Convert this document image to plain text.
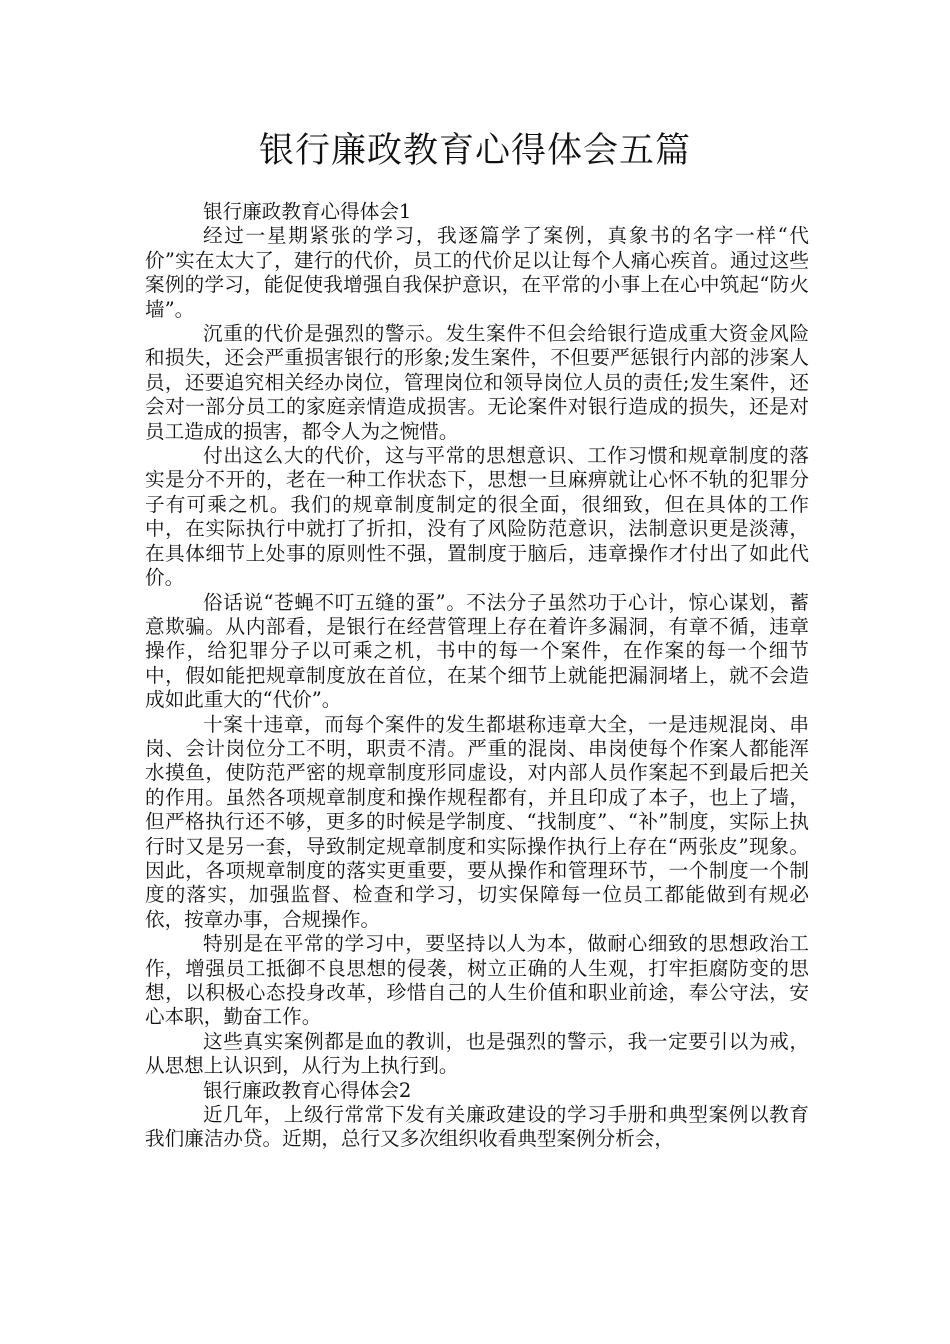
银行廉政教育心得体会五篇

银行廉政教育心得体会1

经过一星期紧张的学习，我逐篇学了案例，真象书的名字一样“代价”实在太大了，建行的代价，员工的代价足以让每个人痛心疾首。通过这些案例的学习，能促使我增强自我保护意识，在平常的小事上在心中筑起“防火墙”。

沉重的代价是强烈的警示。发生案件不但会给银行造成重大资金风险和损失，还会严重损害银行的形象;发生案件，不但要严惩银行内部的涉案人员，还要追究相关经办岗位，管理岗位和领导岗位人员的责任;发生案件，还会对一部分员工的家庭亲情造成损害。无论案件对银行造成的损失，还是对员工造成的损害，都令人为之惋惜。

付出这么大的代价，这与平常的思想意识、工作习惯和规章制度的落实是分不开的，老在一种工作状态下，思想一旦麻痹就让心怀不轨的犯罪分子有可乘之机。我们的规章制度制定的很全面，很细致，但在具体的工作中，在实际执行中就打了折扣，没有了风险防范意识，法制意识更是淡薄，在具体细节上处事的原则性不强，置制度于脑后，违章操作才付出了如此代价。

俗话说“苍蝇不叮五缝的蛋”。不法分子虽然功于心计，惊心谋划，蓄意欺骗。从内部看，是银行在经营管理上存在着许多漏洞，有章不循，违章操作，给犯罪分子以可乘之机，书中的每一个案件，在作案的每一个细节中，假如能把规章制度放在首位，在某个细节上就能把漏洞堵上，就不会造成如此重大的“代价”。

十案十违章，而每个案件的发生都堪称违章大全，一是违规混岗、串岗、会计岗位分工不明，职责不清。严重的混岗、串岗使每个作案人都能浑水摸鱼，使防范严密的规章制度形同虚设，对内部人员作案起不到最后把关的作用。虽然各项规章制度和操作规程都有，并且印成了本子，也上了墙，但严格执行还不够，更多的时候是学制度、“找制度”、“补”制度，实际上执行时又是另一套，导致制定规章制度和实际操作执行上存在“两张皮”现象。因此，各项规章制度的落实更重要，要从操作和管理环节，一个制度一个制度的落实，加强监督、检查和学习，切实保障每一位员工都能做到有规必依，按章办事，合规操作。

特别是在平常的学习中，要坚持以人为本，做耐心细致的思想政治工作，增强员工抵御不良思想的侵袭，树立正确的人生观，打牢拒腐防变的思想，以积极心态投身改革，珍惜自己的人生价值和职业前途，奉公守法，安心本职，勤奋工作。

这些真实案例都是血的教训，也是强烈的警示，我一定要引以为戒，从思想上认识到，从行为上执行到。

银行廉政教育心得体会2

近几年，上级行常常下发有关廉政建设的学习手册和典型案例以教育我们廉洁办贷。近期，总行又多次组织收看典型案例分析会，
